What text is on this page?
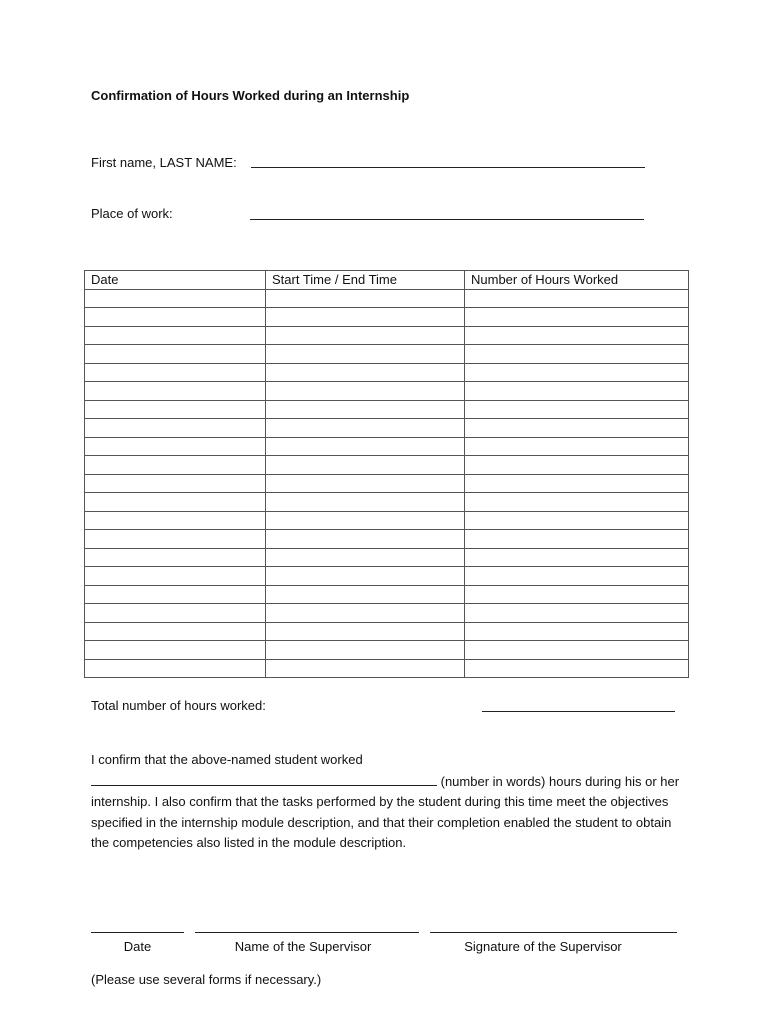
Confirmation of Hours Worked during an Internship
First name, LAST NAME:
Place of work:
Date	Start Time / End Time	Number of Hours Worked

Total number of hours worked:
I confirm that the above-named student worked
(number in words) hours during his or her internship. I also confirm that the tasks performed by the student during this time meet the objectives specified in the internship module description, and that their completion enabled the student to obtain the competencies also listed in the module description.
Date	Name of the Supervisor	Signature of the Supervisor
(Please use several forms if necessary.)
